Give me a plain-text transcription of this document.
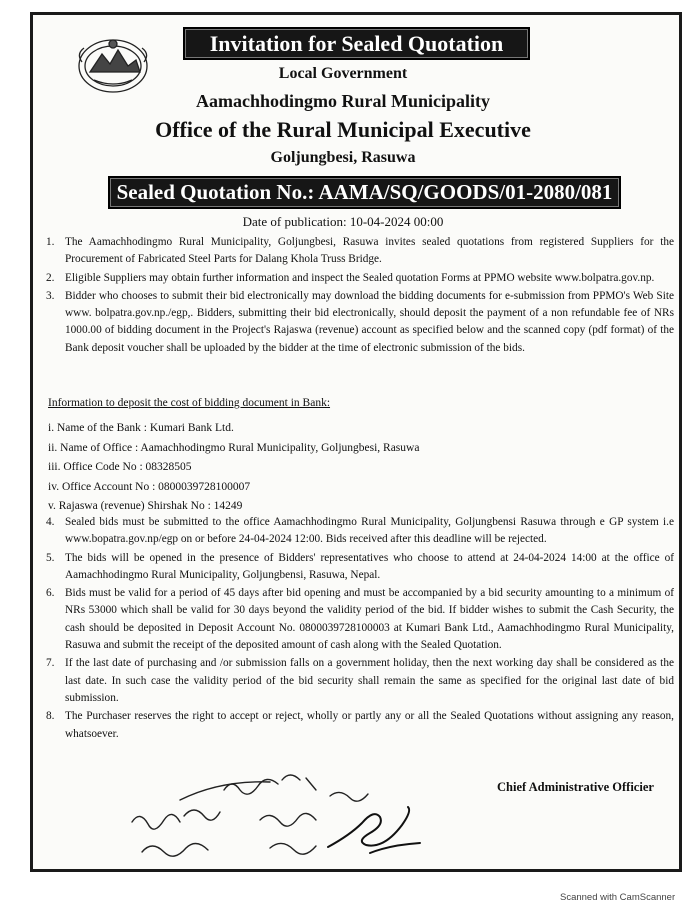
Invitation for Sealed Quotation
Local Government
Aamachhodingmo Rural Municipality
Office of the Rural Municipal Executive
Goljungbesi, Rasuwa
Sealed Quotation No.: AAMA/SQ/GOODS/01-2080/081
Date of publication: 10-04-2024 00:00
1. The Aamachhodingmo Rural Municipality, Goljungbesi, Rasuwa invites sealed quotations from registered Suppliers for the Procurement of Fabricated Steel Parts for Dalang Khola Truss Bridge.
2. Eligible Suppliers may obtain further information and inspect the Sealed quotation Forms at PPMO website www.bolpatra.gov.np.
3. Bidder who chooses to submit their bid electronically may download the bidding documents for e-submission from PPMO's Web Site www. bolpatra.gov.np./egp,. Bidders, submitting their bid electronically, should deposit the payment of a non refundable fee of NRs 1000.00 of bidding document in the Project's Rajaswa (revenue) account as specified below and the scanned copy (pdf format) of the Bank deposit voucher shall be uploaded by the bidder at the time of electronic submission of the bids.
Information to deposit the cost of bidding document in Bank:
i. Name of the Bank : Kumari Bank Ltd.
ii. Name of Office : Aamachhodingmo Rural Municipality, Goljungbesi, Rasuwa
iii. Office Code No : 08328505
iv. Office Account No : 0800039728100007
v. Rajaswa (revenue) Shirshak No : 14249
4. Sealed bids must be submitted to the office Aamachhodingmo Rural Municipality, Goljungbensi Rasuwa through e GP system i.e www.bopatra.gov.np/egp on or before 24-04-2024 12:00. Bids received after this deadline will be rejected.
5. The bids will be opened in the presence of Bidders' representatives who choose to attend at 24-04-2024 14:00 at the office of Aamachhodingmo Rural Municipality, Goljungbensi, Rasuwa, Nepal.
6. Bids must be valid for a period of 45 days after bid opening and must be accompanied by a bid security amounting to a minimum of NRs 53000 which shall be valid for 30 days beyond the validity period of the bid. If bidder wishes to submit the Cash Security, the cash should be deposited in Deposit Account No. 0800039728100003 at Kumari Bank Ltd., Aamachhodingmo Rural Municipality, Rasuwa and submit the receipt of the deposited amount of cash along with the Sealed Quotation.
7. If the last date of purchasing and /or submission falls on a government holiday, then the next working day shall be considered as the last date. In such case the validity period of the bid security shall remain the same as specified for the original last date of bid submission.
8. The Purchaser reserves the right to accept or reject, wholly or partly any or all the Sealed Quotations without assigning any reason, whatsoever.
Chief Administrative Officier
Scanned with CamScanner
